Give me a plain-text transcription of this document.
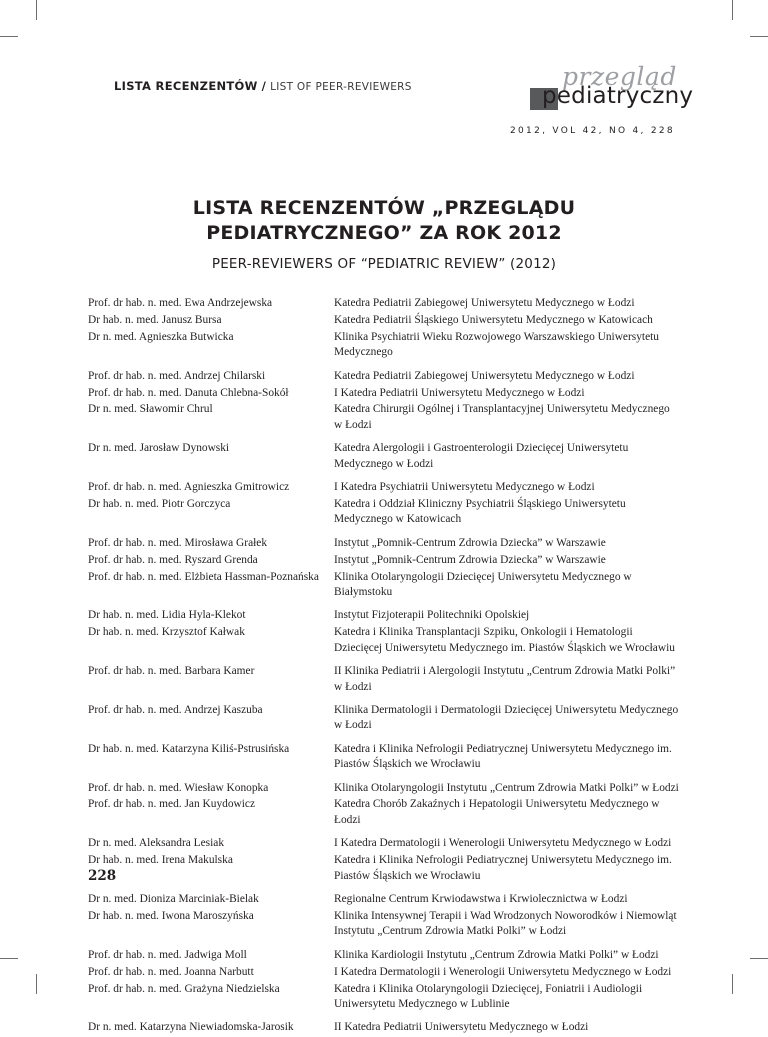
LISTA RECENZENTÓW / LIST OF PEER-REVIEWERS	przegląd
pediatryczny
2012, VOL 42, NO 4, 228
LISTA RECENZENTÓW „PRZEGLĄDU
PEDIATRYCZNEGO” ZA ROK 2012
PEER-REVIEWERS OF “PEDIATRIC REVIEW” (2012)
Prof. dr hab. n. med. Ewa Andrzejewska	Katedra Pediatrii Zabiegowej Uniwersytetu Medycznego w Łodzi
Dr hab. n. med. Janusz Bursa	Katedra Pediatrii Śląskiego Uniwersytetu Medycznego w Katowicach
Dr n. med. Agnieszka Butwicka	Klinika Psychiatrii Wieku Rozwojowego Warszawskiego Uniwersytetu Medycznego
Prof. dr hab. n. med. Andrzej Chilarski	Katedra Pediatrii Zabiegowej Uniwersytetu Medycznego w Łodzi
Prof. dr hab. n. med. Danuta Chlebna-Sokół	I Katedra Pediatrii Uniwersytetu Medycznego w Łodzi
Dr n. med. Sławomir Chrul	Katedra Chirurgii Ogólnej i Transplantacyjnej Uniwersytetu Medycznego w Łodzi
Dr n. med. Jarosław Dynowski	Katedra Alergologii i Gastroenterologii Dziecięcej Uniwersytetu Medycznego w Łodzi
Prof. dr hab. n. med. Agnieszka Gmitrowicz	I Katedra Psychiatrii Uniwersytetu Medycznego w Łodzi
Dr hab. n. med. Piotr Gorczyca	Katedra i Oddział Kliniczny Psychiatrii Śląskiego Uniwersytetu Medycznego w Katowicach
Prof. dr hab. n. med. Mirosława Grałek	Instytut „Pomnik-Centrum Zdrowia Dziecka” w Warszawie
Prof. dr hab. n. med. Ryszard Grenda	Instytut „Pomnik-Centrum Zdrowia Dziecka” w Warszawie
Prof. dr hab. n. med. Elżbieta Hassman-Poznańska	Klinika Otolaryngologii Dziecięcej Uniwersytetu Medycznego w Białymstoku
Dr hab. n. med. Lidia Hyla-Klekot	Instytut Fizjoterapii Politechniki Opolskiej
Dr hab. n. med. Krzysztof Kałwak	Katedra i Klinika Transplantacji Szpiku, Onkologii i Hematologii Dziecięcej Uniwersytetu Medycznego im. Piastów Śląskich we Wrocławiu
Prof. dr hab. n. med. Barbara Kamer	II Klinika Pediatrii i Alergologii Instytutu „Centrum Zdrowia Matki Polki” w Łodzi
Prof. dr hab. n. med. Andrzej Kaszuba	Klinika Dermatologii i Dermatologii Dziecięcej Uniwersytetu Medycznego w Łodzi
Dr hab. n. med. Katarzyna Kiliś-Pstrusińska	Katedra i Klinika Nefrologii Pediatrycznej Uniwersytetu Medycznego im. Piastów Śląskich we Wrocławiu
Prof. dr hab. n. med. Wiesław Konopka	Klinika Otolaryngologii Instytutu „Centrum Zdrowia Matki Polki” w Łodzi
Prof. dr hab. n. med. Jan Kuydowicz	Katedra Chorób Zakaźnych i Hepatologii Uniwersytetu Medycznego w Łodzi
Dr n. med. Aleksandra Lesiak	I Katedra Dermatologii i Wenerologii Uniwersytetu Medycznego w Łodzi
Dr hab. n. med. Irena Makulska	Katedra i Klinika Nefrologii Pediatrycznej Uniwersytetu Medycznego im. Piastów Śląskich we Wrocławiu
Dr n. med. Dioniza Marciniak-Bielak	Regionalne Centrum Krwiodawstwa i Krwiolecznictwa w Łodzi
Dr hab. n. med. Iwona Maroszyńska	Klinika Intensywnej Terapii i Wad Wrodzonych Noworodków i Niemowląt Instytutu „Centrum Zdrowia Matki Polki” w Łodzi
Prof. dr hab. n. med. Jadwiga Moll	Klinika Kardiologii Instytutu „Centrum Zdrowia Matki Polki” w Łodzi
Prof. dr hab. n. med. Joanna Narbutt	I Katedra Dermatologii i Wenerologii Uniwersytetu Medycznego w Łodzi
Prof. dr hab. n. med. Grażyna Niedzielska	Katedra i Klinika Otolaryngologii Dziecięcej, Foniatrii i Audiologii Uniwersytetu Medycznego w Lublinie
Dr n. med. Katarzyna Niewiadomska-Jarosik	II Katedra Pediatrii Uniwersytetu Medycznego w Łodzi
228
